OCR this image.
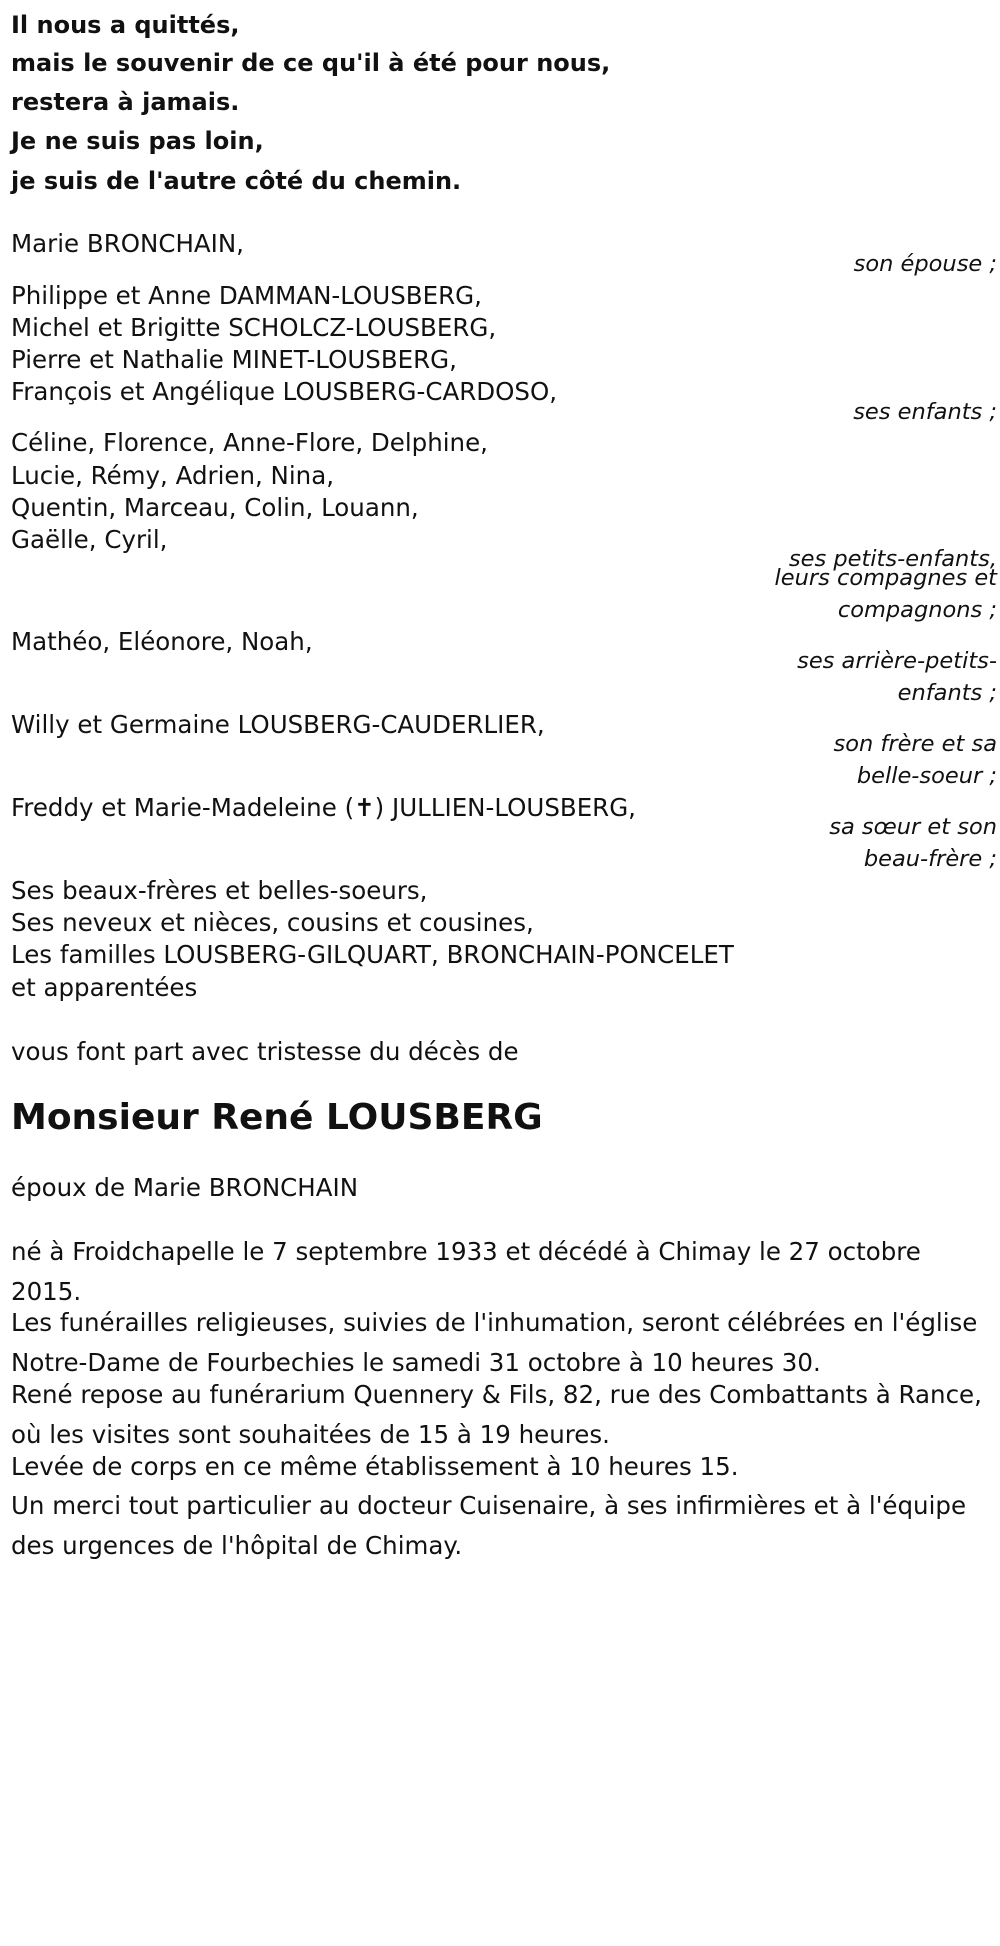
Il nous a quittés,

mais le souvenir de ce qu'il à été pour nous,

restera à jamais.

Je ne suis pas loin,

je suis de l'autre côté du chemin.

Marie BRONCHAIN,

son épouse ;

Philippe et Anne DAMMAN-LOUSBERG,

Michel et Brigitte SCHOLCZ-LOUSBERG,

Pierre et Nathalie MINET-LOUSBERG,

François et Angélique LOUSBERG-CARDOSO,

ses enfants ;

Céline, Florence, Anne-Flore, Delphine,

Lucie, Rémy, Adrien, Nina,

Quentin, Marceau, Colin, Louann,

Gaëlle, Cyril,

ses petits-enfants,

leurs compagnes et

compagnons ;

Mathéo, Eléonore, Noah,

ses arrière-petits-

enfants ;

Willy et Germaine LOUSBERG-CAUDERLIER,

son frère et sa

belle-soeur ;

Freddy et Marie-Madeleine (✝) JULLIEN-LOUSBERG,

sa sœur et son

beau-frère ;

Ses beaux-frères et belles-soeurs,

Ses neveux et nièces, cousins et cousines,

Les familles LOUSBERG-GILQUART, BRONCHAIN-PONCELET

et apparentées

vous font part avec tristesse du décès de

Monsieur René LOUSBERG

époux de Marie BRONCHAIN

né à Froidchapelle le 7 septembre 1933 et décédé à Chimay le 27 octobre 2015.

Les funérailles religieuses, suivies de l'inhumation, seront célébrées en l'église Notre-Dame de Fourbechies le samedi 31 octobre à 10 heures 30.

René repose au funérarium Quennery & Fils, 82, rue des Combattants à Rance, où les visites sont souhaitées de 15 à 19 heures.

Levée de corps en ce même établissement à 10 heures 15.

Un merci tout particulier au docteur Cuisenaire, à ses infirmières et à l'équipe des urgences de l'hôpital de Chimay.
